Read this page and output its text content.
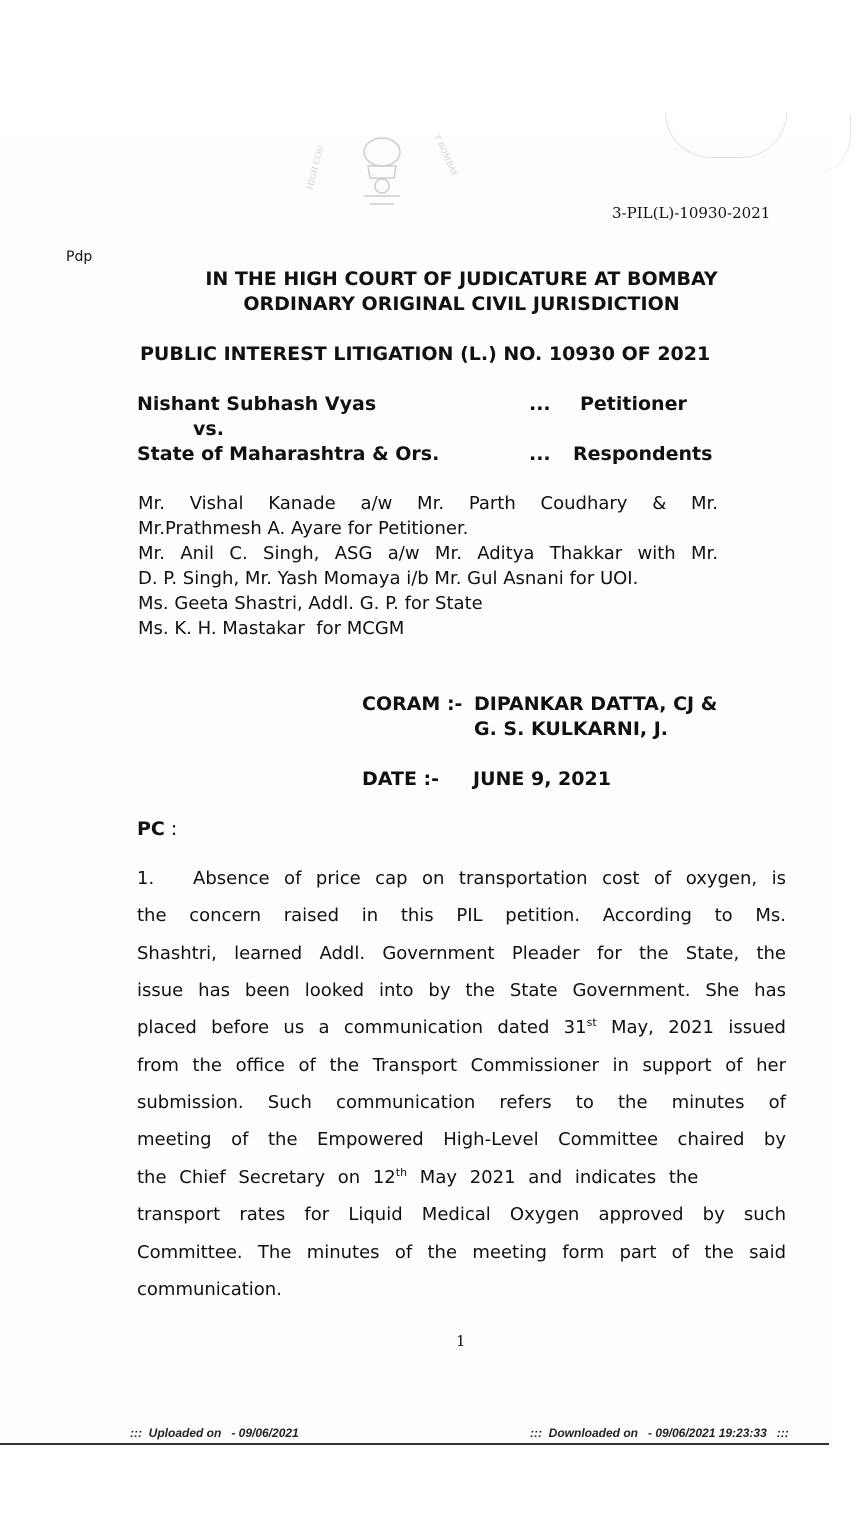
HIGH COU	T BOMBAY

3-PIL(L)-10930-2021

Pdp

IN THE HIGH COURT OF JUDICATURE AT BOMBAY

ORDINARY ORIGINAL CIVIL JURISDICTION

PUBLIC INTEREST LITIGATION (L.) NO. 10930 OF 2021

Nishant Subhash Vyas	... Petitioner

vs.

State of Maharashtra & Ors.	... Respondents

Mr. Vishal Kanade a/w Mr. Parth Coudhary & Mr.

Mr.Prathmesh A. Ayare for Petitioner.

Mr. Anil C. Singh, ASG a/w Mr. Aditya Thakkar with Mr.

D. P. Singh, Mr. Yash Momaya i/b Mr. Gul Asnani for UOI.

Ms. Geeta Shastri, Addl. G. P. for State

Ms. K. H. Mastakar  for MCGM

CORAM :- DIPANKAR DATTA, CJ &

G. S. KULKARNI, J.

DATE :- JUNE 9, 2021

PC :

1. Absence of price cap on transportation cost of oxygen, is

the concern raised in this PIL petition. According to Ms.

Shashtri, learned Addl. Government Pleader for the State, the

issue has been looked into by the State Government. She has

placed before us a communication dated 31st May, 2021 issued

from the office of the Transport Commissioner in support of her

submission. Such communication refers to the minutes of

meeting of the Empowered High-Level Committee chaired by

the Chief Secretary on 12th May 2021 and indicates the

transport rates for Liquid Medical Oxygen approved by such

Committee. The minutes of the meeting form part of the said

communication.

1

:::  Uploaded on   - 09/06/2021	:::  Downloaded on   - 09/06/2021 19:23:33   :::
